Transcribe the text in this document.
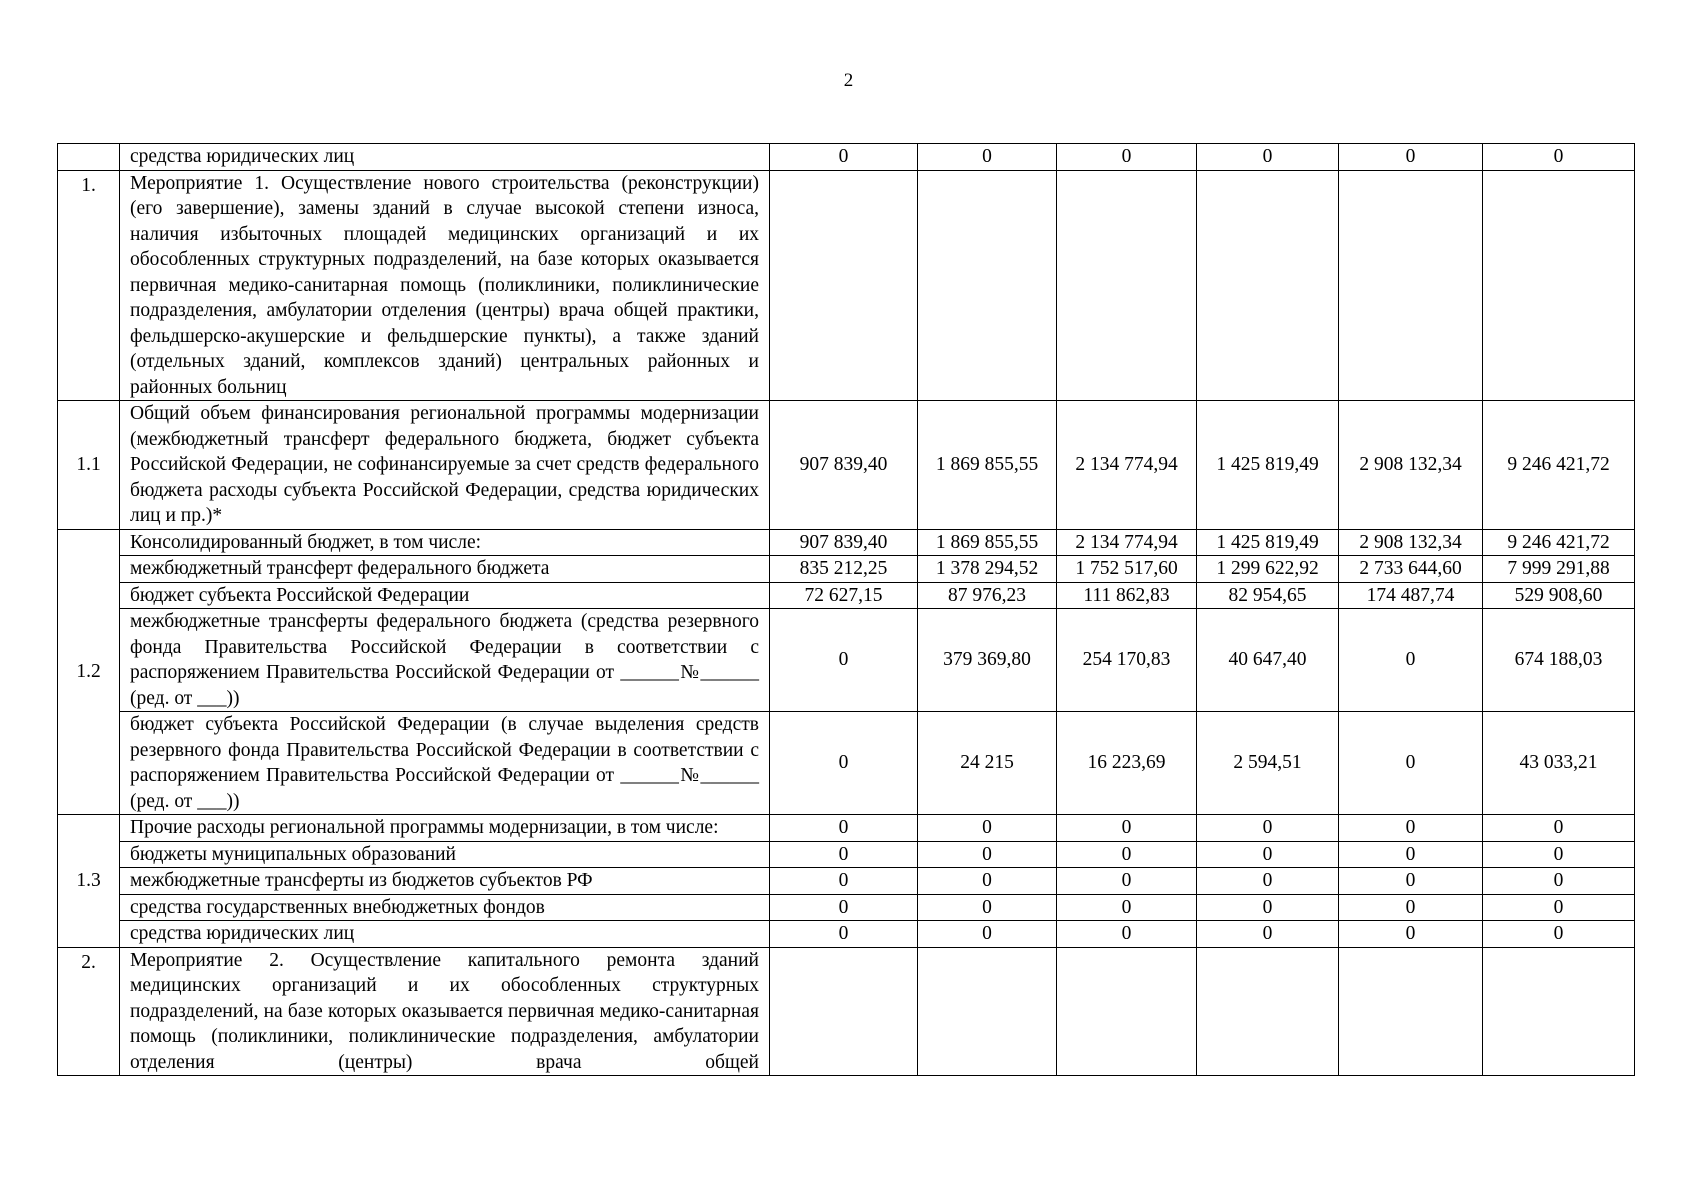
2
	средства юридических лиц	0	0	0	0	0	0
1.	Мероприятие 1. Осуществление нового строительства (реконструкции) (его завершение), замены зданий в случае высокой степени износа, наличия избыточных площадей медицинских организаций и их обособленных структурных подразделений, на базе которых оказывается первичная медико-санитарная помощь (поликлиники, поликлинические подразделения, амбулатории отделения (центры) врача общей практики, фельдшерско-акушерские и фельдшерские пункты), а также зданий (отдельных зданий, комплексов зданий) центральных районных и районных больниц						
1.1	Общий объем финансирования региональной программы модернизации (межбюджетный трансферт федерального бюджета, бюджет субъекта Российской Федерации, не софинансируемые за счет средств федерального бюджета расходы субъекта Российской Федерации, средства юридических лиц и пр.)*	907 839,40	1 869 855,55	2 134 774,94	1 425 819,49	2 908 132,34	9 246 421,72
1.2	Консолидированный бюджет, в том числе:	907 839,40	1 869 855,55	2 134 774,94	1 425 819,49	2 908 132,34	9 246 421,72
	межбюджетный трансферт федерального бюджета	835 212,25	1 378 294,52	1 752 517,60	1 299 622,92	2 733 644,60	7 999 291,88
	бюджет субъекта Российской Федерации	72 627,15	87 976,23	111 862,83	82 954,65	174 487,74	529 908,60
	межбюджетные трансферты федерального бюджета (средства резервного фонда Правительства Российской Федерации в соответствии с распоряжением Правительства Российской Федерации от ______№______ (ред. от ___))	0	379 369,80	254 170,83	40 647,40	0	674 188,03
	бюджет субъекта Российской Федерации (в случае выделения средств резервного фонда Правительства Российской Федерации в соответствии с распоряжением Правительства Российской Федерации от ______№______ (ред. от ___))	0	24 215	16 223,69	2 594,51	0	43 033,21
1.3	Прочие расходы региональной программы модернизации, в том числе:	0	0	0	0	0	0
	бюджеты муниципальных образований	0	0	0	0	0	0
	межбюджетные трансферты из бюджетов субъектов РФ	0	0	0	0	0	0
	средства государственных внебюджетных фондов	0	0	0	0	0	0
	средства юридических лиц	0	0	0	0	0	0
2.	Мероприятие 2. Осуществление капитального ремонта зданий медицинских организаций и их обособленных структурных подразделений, на базе которых оказывается первичная медико-санитарная помощь (поликлиники, поликлинические подразделения, амбулатории отделения (центры) врача общей						
